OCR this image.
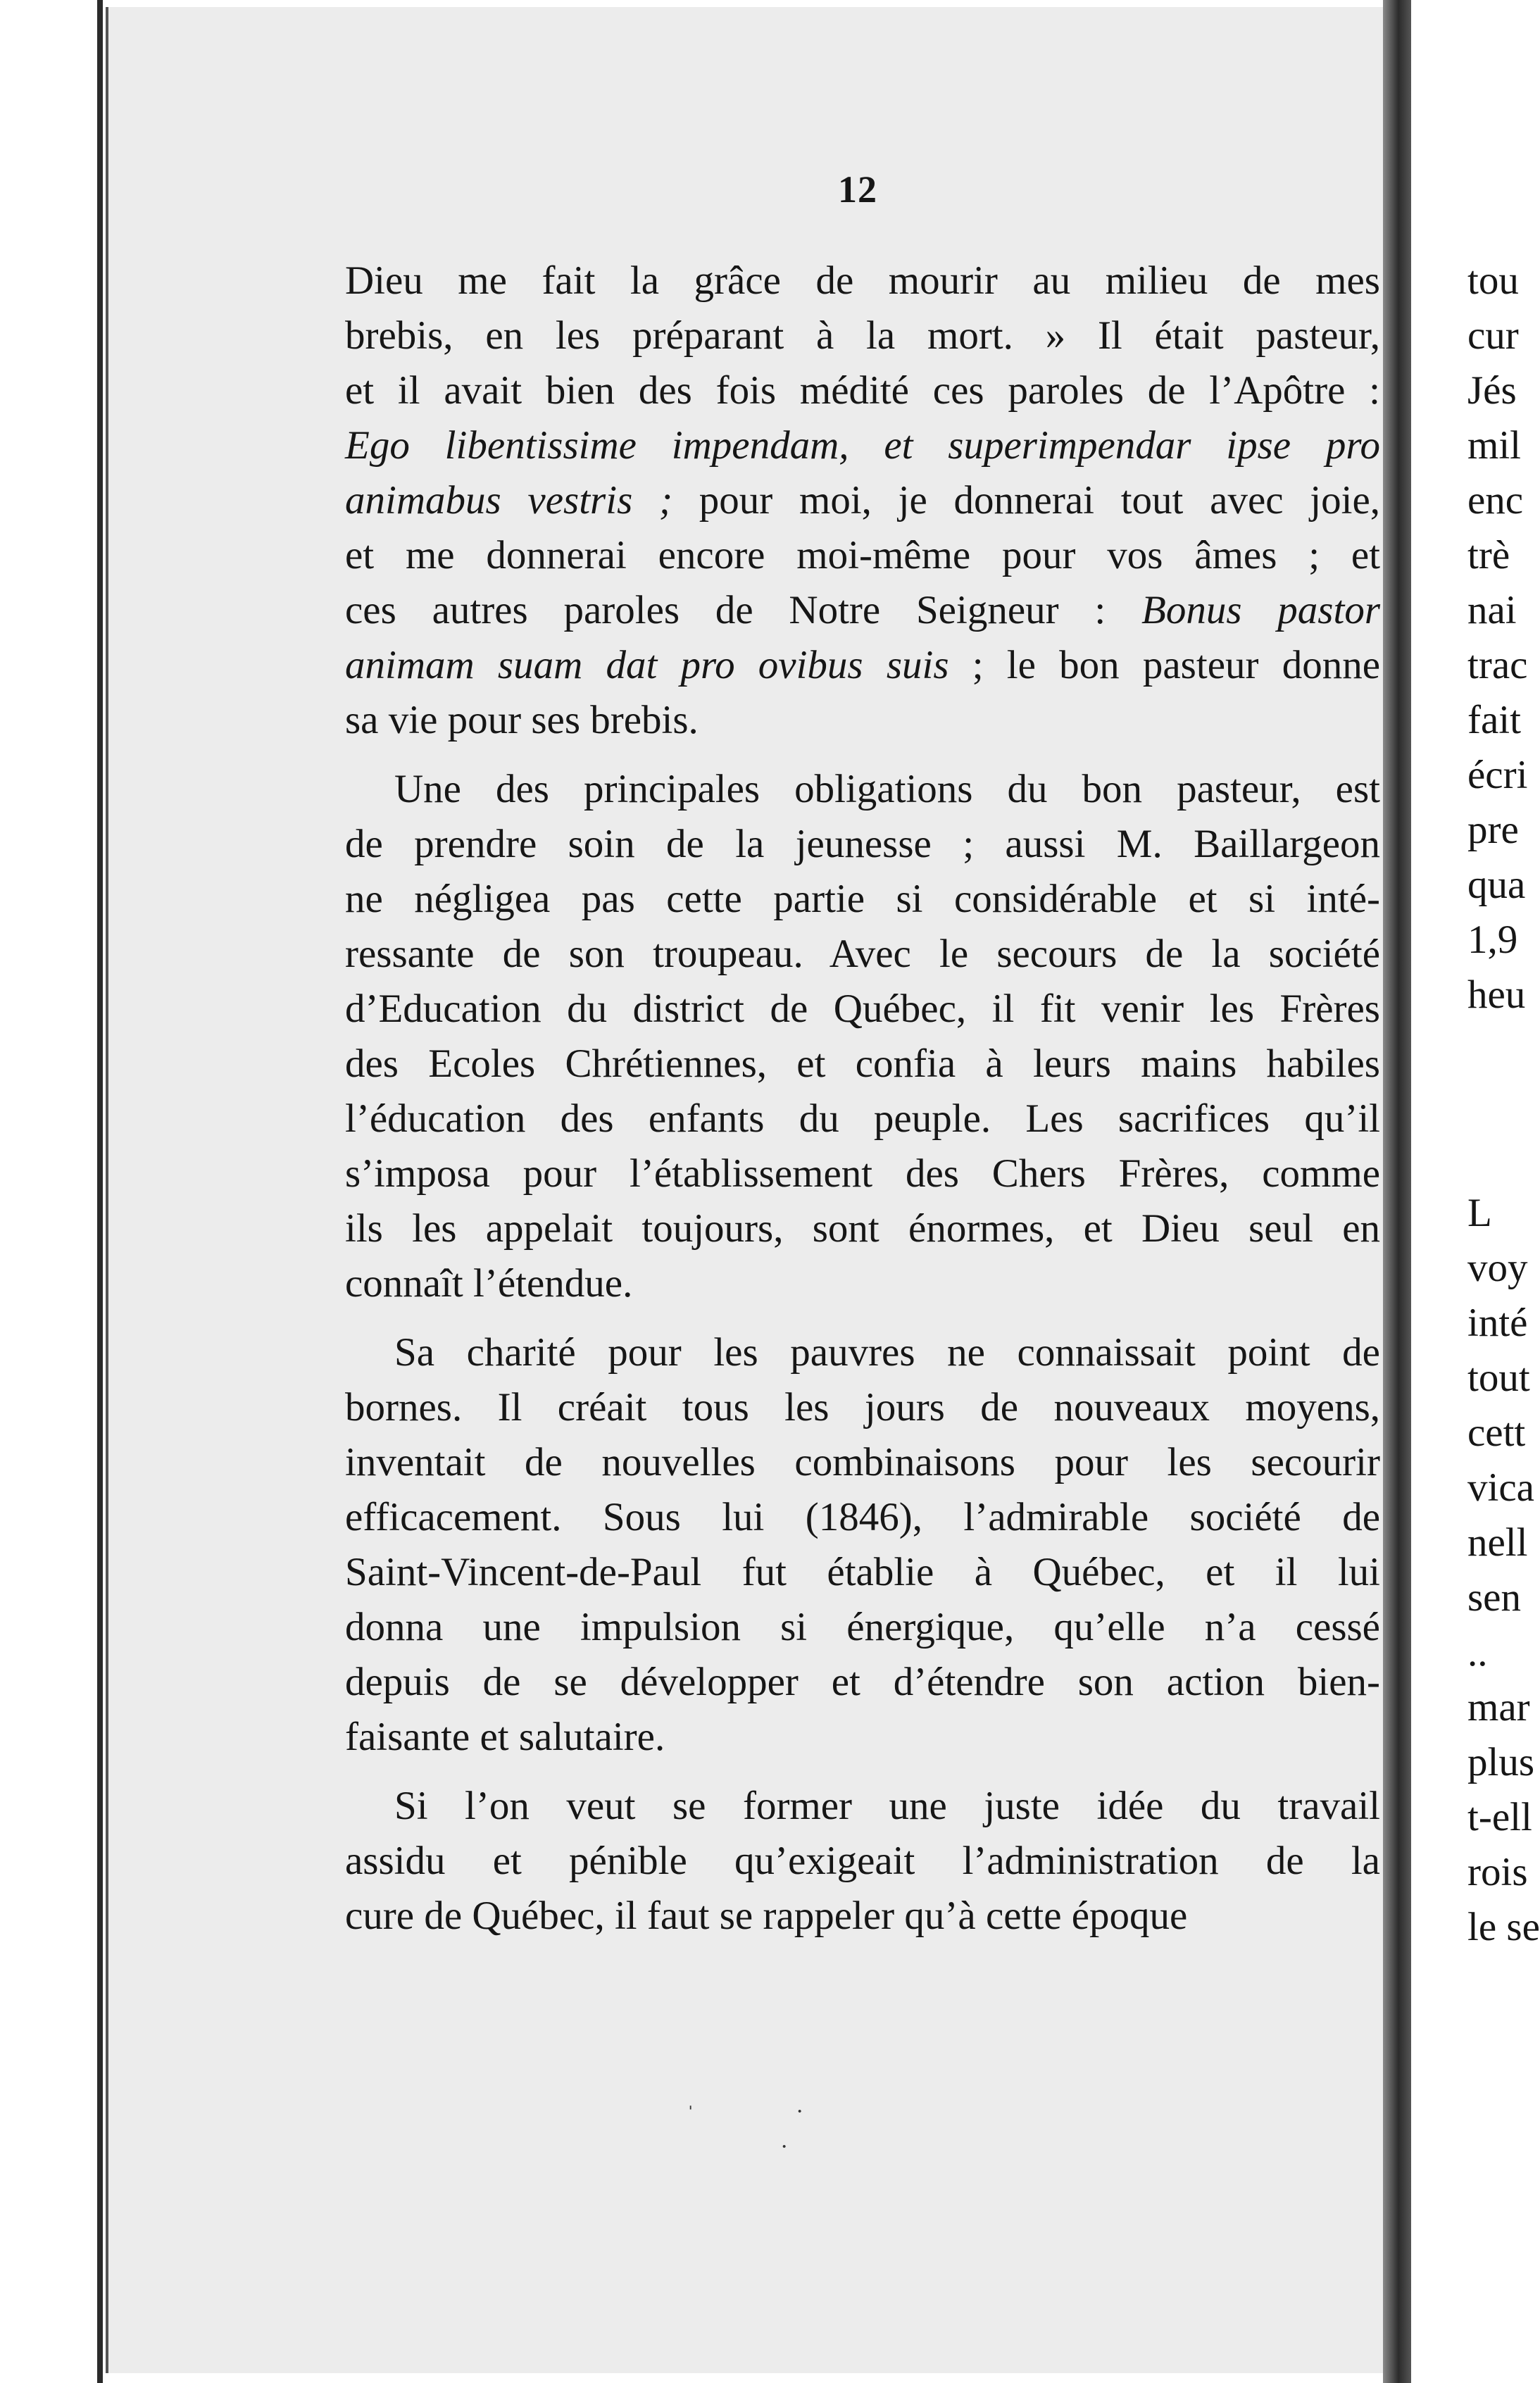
12
Dieu me fait la grâce de mourir au milieu de mes
brebis, en les préparant à la mort. » Il était pasteur,
et il avait bien des fois médité ces paroles de l’Apôtre :
Ego libentissime impendam, et superimpendar ipse pro
animabus vestris ; pour moi, je donnerai tout avec joie,
et me donnerai encore moi-même pour vos âmes ; et
ces autres paroles de Notre Seigneur : Bonus pastor
animam suam dat pro ovibus suis ; le bon pasteur donne
sa vie pour ses brebis.
Une des principales obligations du bon pasteur, est
de prendre soin de la jeunesse ; aussi M. Baillargeon
ne négligea pas cette partie si considérable et si inté-
ressante de son troupeau. Avec le secours de la société
d’Education du district de Québec, il fit venir les Frères
des Ecoles Chrétiennes, et confia à leurs mains habiles
l’éducation des enfants du peuple. Les sacrifices qu’il
s’imposa pour l’établissement des Chers Frères, comme
ils les appelait toujours, sont énormes, et Dieu seul en
connaît l’étendue.
Sa charité pour les pauvres ne connaissait point de
bornes. Il créait tous les jours de nouveaux moyens,
inventait de nouvelles combinaisons pour les secourir
efficacement. Sous lui (1846), l’admirable société de
Saint-Vincent-de-Paul fut établie à Québec, et il lui
donna une impulsion si énergique, qu’elle n’a cessé
depuis de se développer et d’étendre son action bien-
faisante et salutaire.
Si l’on veut se former une juste idée du travail
assidu et pénible qu’exigeait l’administration de la
cure de Québec, il faut se rappeler qu’à cette époque
tou
cur
Jés
mil
enc
trè
nai
trac
fait
écri
pre
qua
1,9
heu
L
voy
inté
tout
cett
vica
nell
sen
..
mar
plus
t-ell
rois
le se
ˈ	·
·
